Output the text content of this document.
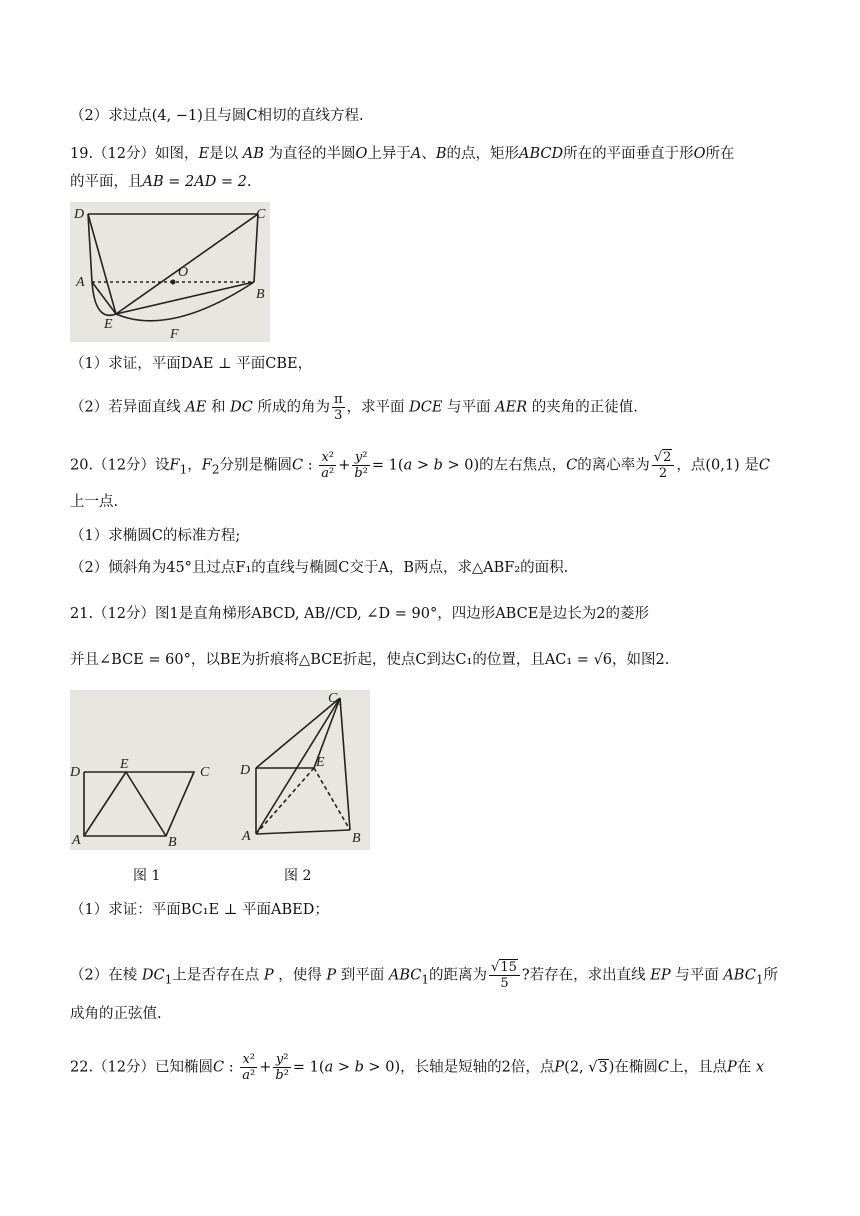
（2）求过点(4, −1)且与圆C相切的直线方程.
19.（12分）如图，E是以 AB 为直径的半圆O上异于A、B的点，矩形ABCD所在的平面垂直于形O所在
的平面，且AB = 2AD = 2.
D	C
A
O
B
E
F
（1）求证，平面DAE ⊥ 平面CBE，
（2）若异面直线 AE 和 DC 所成的角为 $\frac{\pi}{3}$ ，求平面 DCE 与平面 AER 的夹角的正徒值.
20.（12分）设$F_1$，$F_2$分别是椭圆C : $\frac{\text{x²}}{\text{a²}} + \frac{\text{y²}}{\text{b²}} = 1(a > b > 0)$的左右焦点，C的离心率为 $\frac{√2}{2}$ ，点(0,1) 是C
上一点.
（1）求椭圆C的标准方程;
（2）倾斜角为45°且过点F₁的直线与椭圆C交于A，B两点，求△ABF₂的面积.
21.（12分）图1是直角梯形ABCD, AB//CD, ∠D = 90°，四边形ABCE是边长为2的菱形
并且∠BCE = 60°，以BE为折痕将△BCE折起，使点C到达C₁的位置，且AC₁ = √6，如图2.
D
E
C
A	B
C₁
D
E
A	B
图 1	图 2
（1）求证：平面BC₁E ⊥ 平面ABED；
（2）在棱 $DC_1$上是否存在点 P ，使得 P 到平面 $ABC_1$的距离为 $\frac{√15}{5}$ ?若存在，求出直线 EP 与平面 $ABC_1$所
成角的正弦值.
22.（12分）已知椭圆C : $\frac{\text{x²}}{\text{a²}} + \frac{\text{y²}}{\text{b²}} = 1(a > b > 0)$，长轴是短轴的2倍，点P(2, √3)在椭圆C上，且点P在 x
